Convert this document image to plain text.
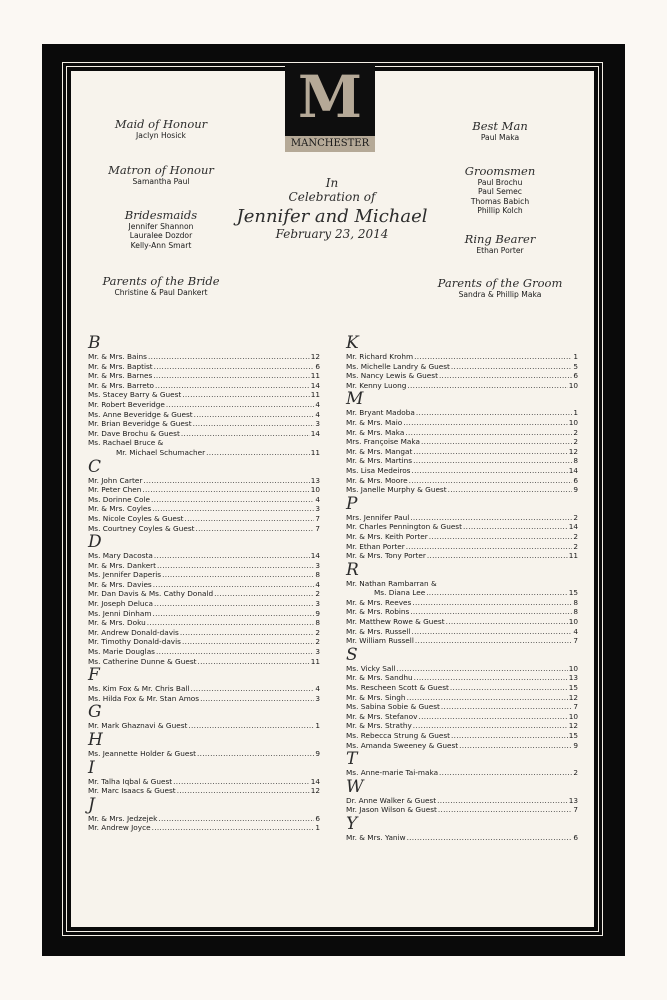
M
MANCHESTER
Maid of Honour
Jaclyn Hosick
Matron of Honour
Samantha Paul
Bridesmaids
Jennifer Shannon
Lauralee Dozdor
Kelly-Ann Smart
Parents of the Bride
Christine & Paul Dankert
In
Celebration of
Jennifer and Michael
February 23, 2014
Best Man
Paul Maka
Groomsmen
Paul Brochu
Paul Semec
Thomas Babich
Phillip Kolch
Ring Bearer
Ethan Porter
Parents of the Groom
Sandra & Phillip Maka
B
Mr. & Mrs. Bains .....	12
Mr. & Mrs. Baptist .....	6
Mr. & Mrs. Barnes .....	11
Mr. & Mrs. Barreto .....	14
Ms. Stacey Barry & Guest .....	11
Mr. Robert Beveridge .....	4
Ms. Anne Beveridge & Guest .....	4
Mr. Brian Beveridge & Guest .....	3
Mr. Dave Brochu & Guest .....	14
Ms. Rachael Bruce &
Mr. Michael Schumacher .....	11
C
Mr. John Carter .....	13
Mr. Peter Chen .....	10
Ms. Dorinne Cole .....	4
Mr. & Mrs. Coyles .....	3
Ms. Nicole Coyles & Guest .....	7
Ms. Courtney Coyles & Guest .....	7
D
Ms. Mary Dacosta .....	14
Mr. & Mrs. Dankert .....	3
Ms. Jennifer Daperis .....	8
Mr. & Mrs. Davies .....	4
Mr. Dan Davis & Ms. Cathy Donald .....	2
Mr. Joseph Deluca .....	3
Ms. Jenni Dinham .....	9
Mr. & Mrs. Doku .....	8
Mr. Andrew Donald-davis .....	2
Mr. Timothy Donald-davis .....	2
Ms. Marie Douglas .....	3
Ms. Catherine Dunne & Guest .....	11
F
Ms. Kim Fox & Mr. Chris Ball .....	4
Ms. Hilda Fox & Mr. Stan Amos .....	3
G
Mr. Mark Ghaznavi & Guest .....	1
H
Ms. Jeannette Holder & Guest .....	9
I
Mr. Talha Iqbal & Guest .....	14
Mr. Marc Isaacs & Guest .....	12
J
Mr. & Mrs. Jedzejek .....	6
Mr. Andrew Joyce .....	1
K
Mr. Richard Krohm .....	1
Ms. Michelle Landry & Guest .....	5
Ms. Nancy Lewis & Guest .....	6
Mr. Kenny Luong .....	10
M
Mr. Bryant Madoba .....	1
Mr. & Mrs. Maio .....	10
Mr. & Mrs. Maka .....	2
Mrs. Françoise Maka .....	2
Mr. & Mrs. Mangat .....	12
Mr. & Mrs. Martins .....	8
Ms. Lisa Medeiros .....	14
Mr. & Mrs. Moore .....	6
Ms. Janelle Murphy & Guest .....	9
P
Mrs. Jennifer Paul .....	2
Mr. Charles Pennington & Guest .....	14
Mr. & Mrs. Keith Porter .....	2
Mr. Ethan Porter .....	2
Mr. & Mrs. Tony Porter .....	11
R
Mr. Nathan Rambarran &
Ms. Diana Lee .....	15
Mr. & Mrs. Reeves .....	8
Mr. & Mrs. Robins .....	8
Mr. Matthew Rowe & Guest .....	10
Mr. & Mrs. Russell .....	4
Mr. William Russell .....	7
S
Ms. Vicky Sall .....	10
Mr. & Mrs. Sandhu .....	13
Ms. Rescheen Scott & Guest .....	15
Mr. & Mrs. Singh .....	12
Ms. Sabina Sobie & Guest .....	7
Mr. & Mrs. Stefanov .....	10
Mr. & Mrs. Strathy .....	12
Ms. Rebecca Strung & Guest .....	15
Ms. Amanda Sweeney & Guest .....	9
T
Ms. Anne-marie Tai-maka .....	2
W
Dr. Anne Walker & Guest .....	13
Mr. Jason Wilson & Guest .....	7
Y
Mr. & Mrs. Yaniw .....	6
